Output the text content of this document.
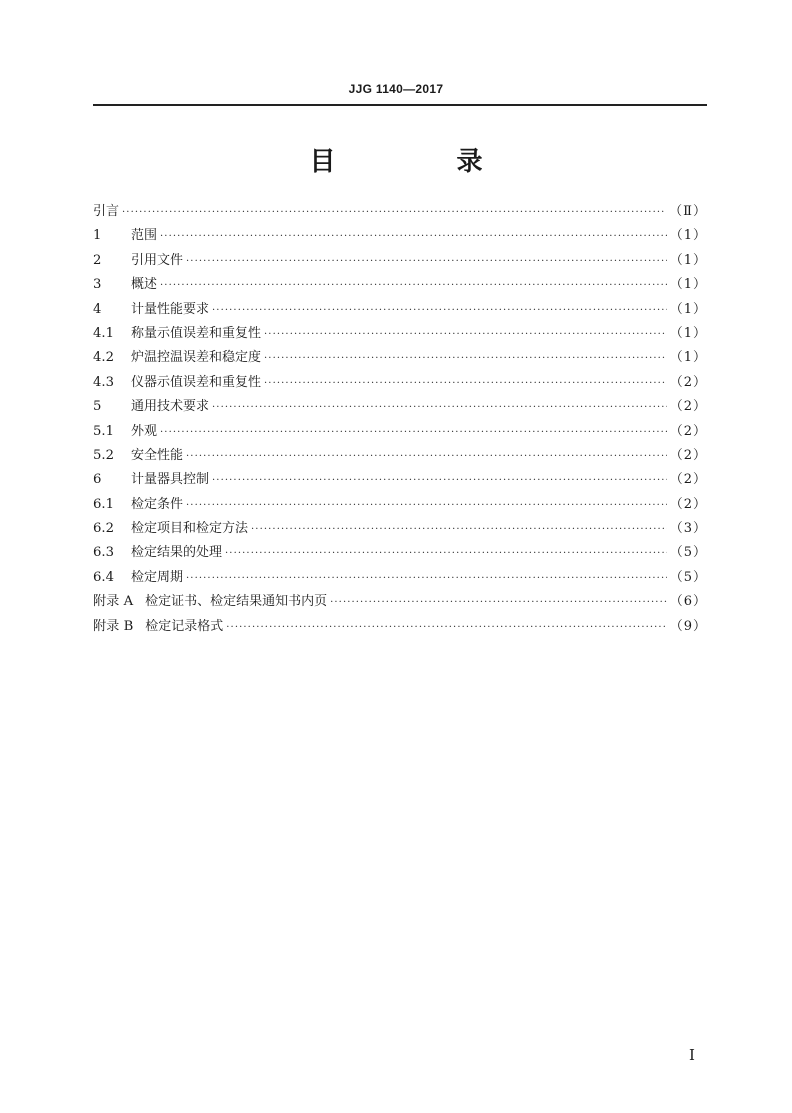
JJG 1140—2017
目 录
引言 ·····	（Ⅱ）
1	范围 ·····	（1）
2	引用文件 ·····	（1）
3	概述 ·····	（1）
4	计量性能要求 ·····	（1）
4.1	称量示值误差和重复性 ·····	（1）
4.2	炉温控温误差和稳定度 ·····	（1）
4.3	仪器示值误差和重复性 ·····	（2）
5	通用技术要求 ·····	（2）
5.1	外观 ·····	（2）
5.2	安全性能 ·····	（2）
6	计量器具控制 ·····	（2）
6.1	检定条件 ·····	（2）
6.2	检定项目和检定方法 ·····	（3）
6.3	检定结果的处理 ·····	（5）
6.4	检定周期 ·····	（5）
附录 A 检定证书、检定结果通知书内页 ·····	（6）
附录 B 检定记录格式 ·····	（9）
I
